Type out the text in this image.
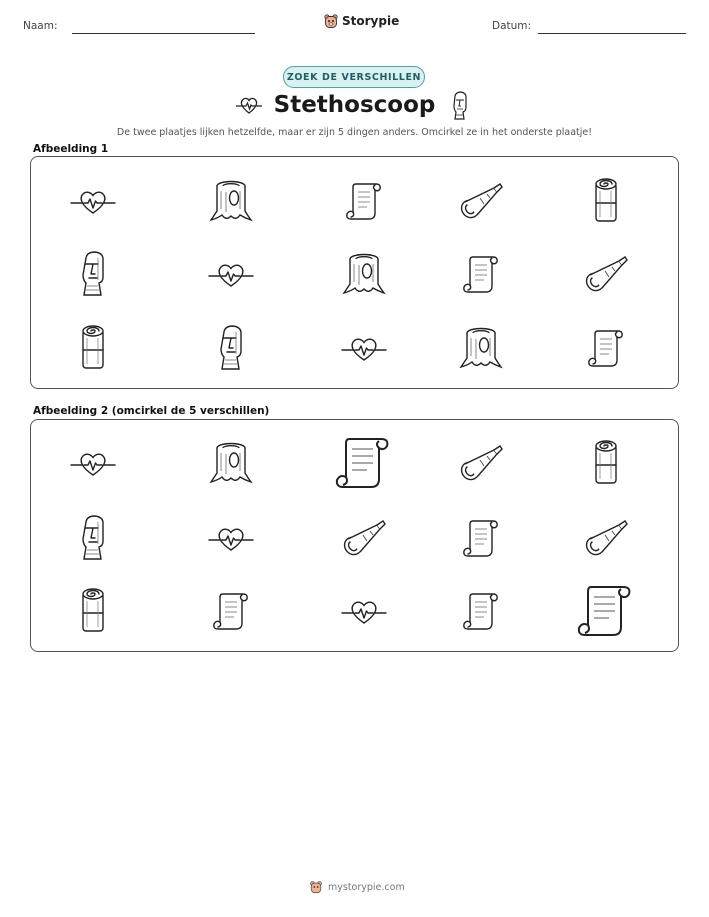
Naam:	Storypie	Datum:
ZOEK DE VERSCHILLEN
Stethoscoop
De twee plaatjes lijken hetzelfde, maar er zijn 5 dingen anders. Omcirkel ze in het onderste plaatje!
Afbeelding 1
Afbeelding 2 (omcirkel de 5 verschillen)
mystorypie.com
